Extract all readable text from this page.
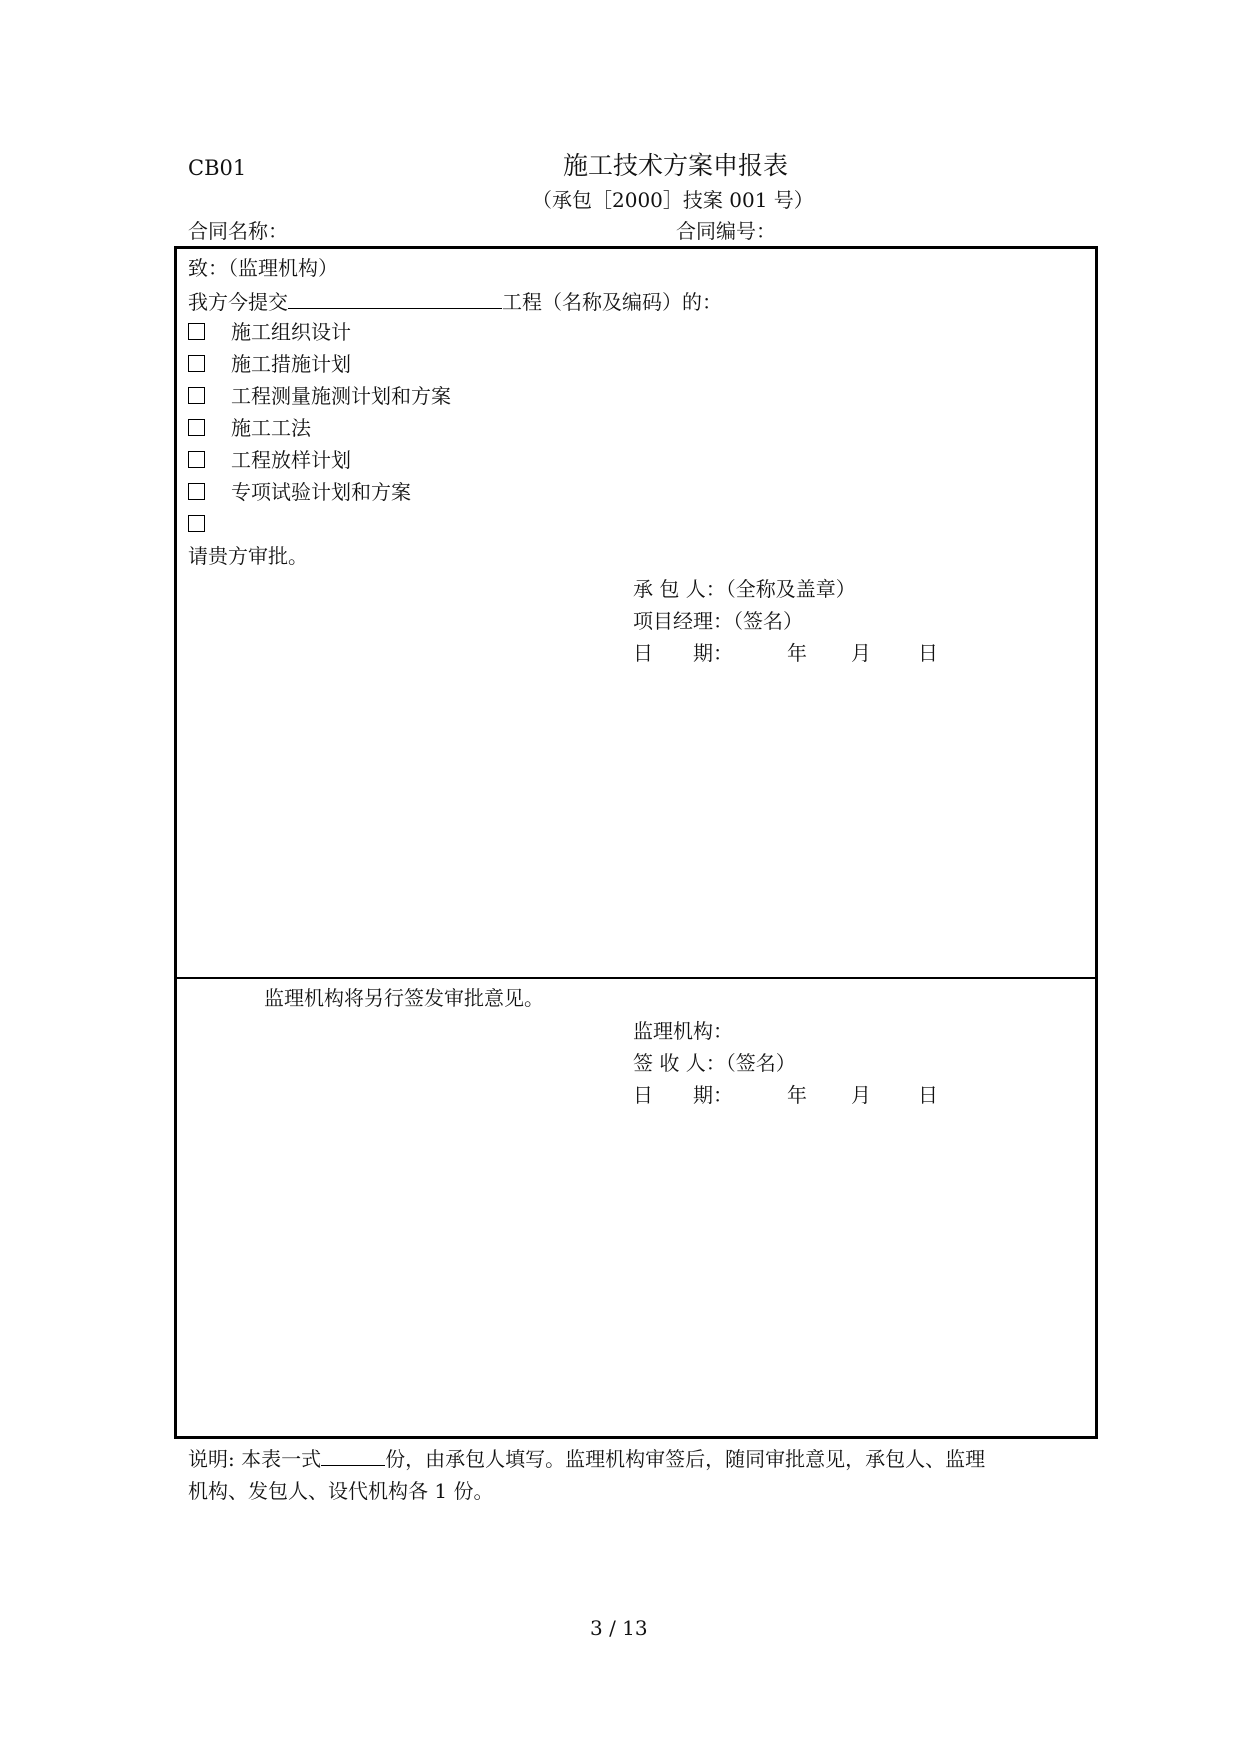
CB01	施工技术方案申报表
（承包［2000］技案 001 号）
合同名称：	合同编号：
致：（监理机构）
我方今提交	工程（名称及编码）的：
施工组织设计
施工措施计划
工程测量施测计划和方案
施工工法
工程放样计划
专项试验计划和方案
请贵方审批。
承 包 人：（全称及盖章）
项目经理：（签名）
日　　期：	年 月 日
监理机构将另行签发审批意见。
监理机构：
签 收 人：（签名）
日　　期：	年 月 日
说明: 本表一式	份，由承包人填写。监理机构审签后，随同审批意见，承包人、监理
机构、发包人、设代机构各 1 份。
3 / 13
